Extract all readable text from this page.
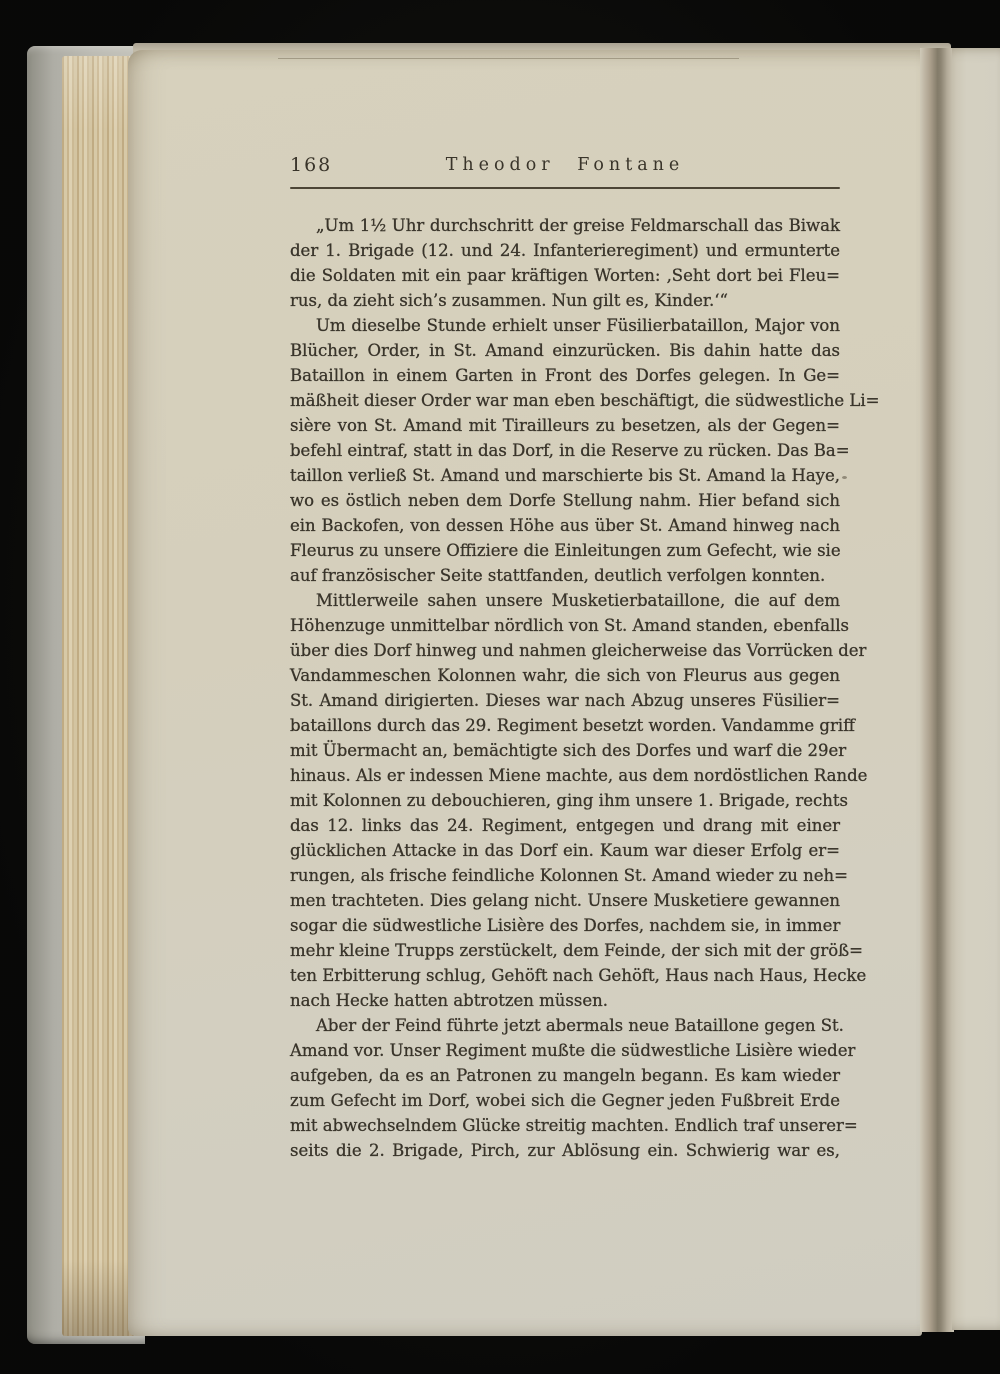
168	Theodor Fontane
„Um 1½ Uhr durchschritt der greise Feldmarschall das Biwak
der 1. Brigade (12. und 24. Infanterieregiment) und ermunterte
die Soldaten mit ein paar kräftigen Worten: ‚Seht dort bei Fleu=
rus, da zieht sich’s zusammen. Nun gilt es, Kinder.‘“
Um dieselbe Stunde erhielt unser Füsilierbataillon, Major von
Blücher, Order, in St. Amand einzurücken. Bis dahin hatte das
Bataillon in einem Garten in Front des Dorfes gelegen. In Ge=
mäßheit dieser Order war man eben beschäftigt, die südwestliche Li=
sière von St. Amand mit Tirailleurs zu besetzen, als der Gegen=
befehl eintraf, statt in das Dorf, in die Reserve zu rücken. Das Ba=
taillon verließ St. Amand und marschierte bis St. Amand la Haye,
wo es östlich neben dem Dorfe Stellung nahm. Hier befand sich
ein Backofen, von dessen Höhe aus über St. Amand hinweg nach
Fleurus zu unsere Offiziere die Einleitungen zum Gefecht, wie sie
auf französischer Seite stattfanden, deutlich verfolgen konnten.
Mittlerweile sahen unsere Musketierbataillone, die auf dem
Höhenzuge unmittelbar nördlich von St. Amand standen, ebenfalls
über dies Dorf hinweg und nahmen gleicherweise das Vorrücken der
Vandammeschen Kolonnen wahr, die sich von Fleurus aus gegen
St. Amand dirigierten. Dieses war nach Abzug unseres Füsilier=
bataillons durch das 29. Regiment besetzt worden. Vandamme griff
mit Übermacht an, bemächtigte sich des Dorfes und warf die 29er
hinaus. Als er indessen Miene machte, aus dem nordöstlichen Rande
mit Kolonnen zu debouchieren, ging ihm unsere 1. Brigade, rechts
das 12. links das 24. Regiment, entgegen und drang mit einer
glücklichen Attacke in das Dorf ein. Kaum war dieser Erfolg er=
rungen, als frische feindliche Kolonnen St. Amand wieder zu neh=
men trachteten. Dies gelang nicht. Unsere Musketiere gewannen
sogar die südwestliche Lisière des Dorfes, nachdem sie, in immer
mehr kleine Trupps zerstückelt, dem Feinde, der sich mit der größ=
ten Erbitterung schlug, Gehöft nach Gehöft, Haus nach Haus, Hecke
nach Hecke hatten abtrotzen müssen.
Aber der Feind führte jetzt abermals neue Bataillone gegen St.
Amand vor. Unser Regiment mußte die südwestliche Lisière wieder
aufgeben, da es an Patronen zu mangeln begann. Es kam wieder
zum Gefecht im Dorf, wobei sich die Gegner jeden Fußbreit Erde
mit abwechselndem Glücke streitig machten. Endlich traf unserer=
seits die 2. Brigade, Pirch, zur Ablösung ein. Schwierig war es,
